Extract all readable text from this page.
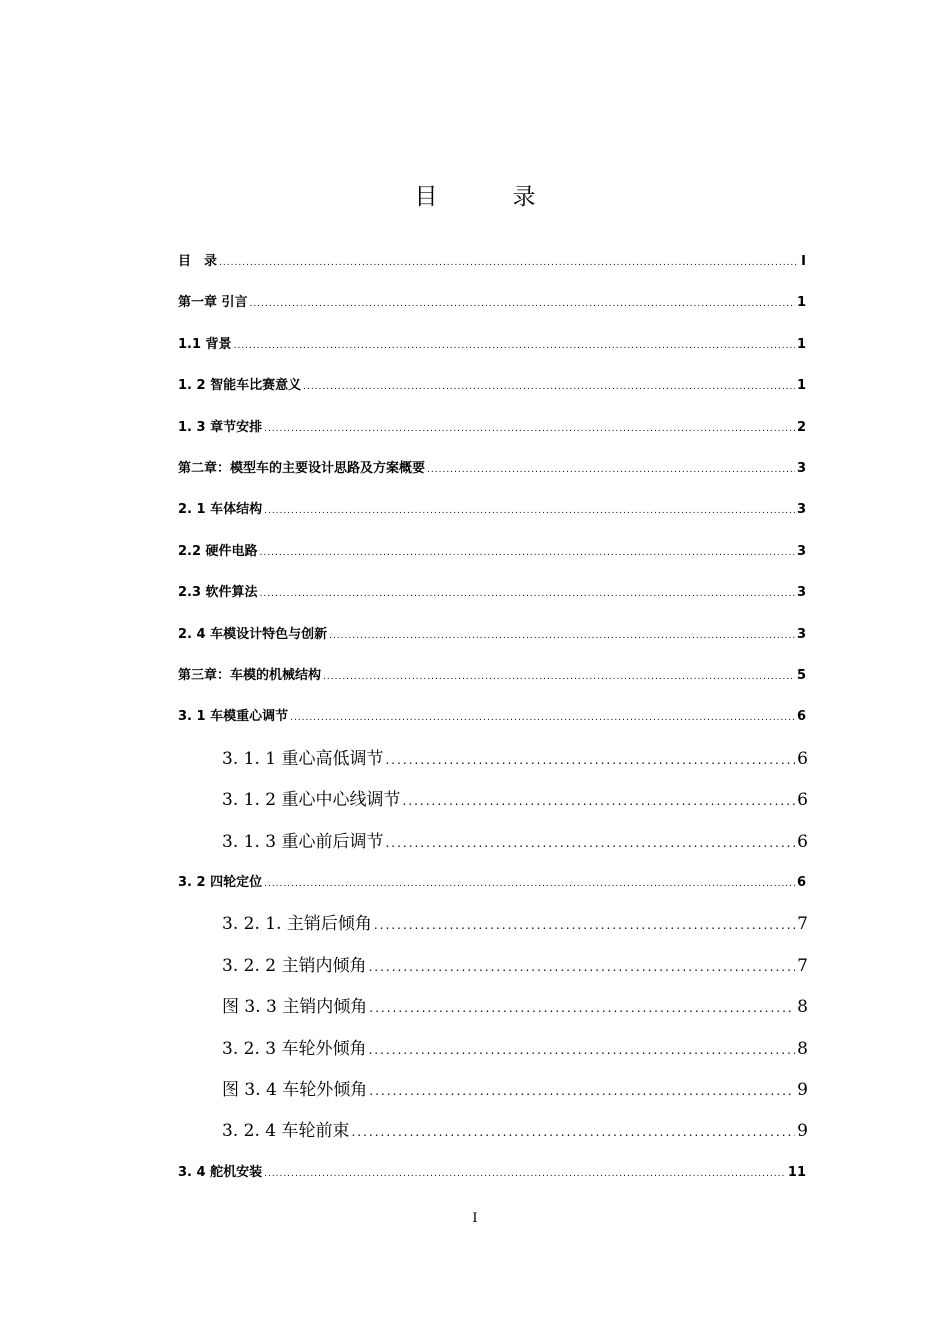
目　录
目　录 .....	I
第一章 引言 .....	1
1.1 背景 .....	1
1. 2 智能车比赛意义 .....	1
1. 3 章节安排 .....	2
第二章：模型车的主要设计思路及方案概要 .....	3
2. 1 车体结构 .....	3
2.2 硬件电路 .....	3
2.3 软件算法 .....	3
2. 4 车模设计特色与创新 .....	3
第三章：车模的机械结构 .....	5
3. 1 车模重心调节 .....	6
3. 1. 1 重心高低调节 .....	6
3. 1. 2 重心中心线调节 .....	6
3. 1. 3 重心前后调节 .....	6
3. 2 四轮定位 .....	6
3. 2. 1. 主销后倾角 .....	7
3. 2. 2 主销内倾角 .....	7
图 3. 3 主销内倾角 .....	8
3. 2. 3 车轮外倾角 .....	8
图 3. 4 车轮外倾角 .....	9
3. 2. 4 车轮前束 .....	9
3. 4 舵机安装 .....	11
I
